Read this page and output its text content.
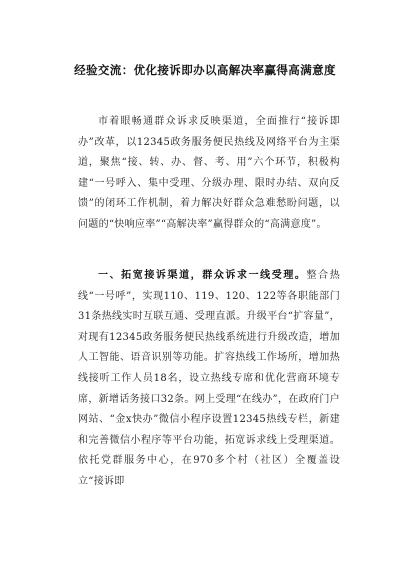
经验交流：优化接诉即办以高解决率赢得高满意度

市着眼畅通群众诉求反映渠道，全面推行“接诉即办”改革，以12345政务服务便民热线及网络平台为主渠道，聚焦“接、转、办、督、考、用”六个环节，积极构建“一号呼入、集中受理、分级办理、限时办结、双向反馈”的闭环工作机制，着力解决好群众急难愁盼问题，以问题的“快响应率”“高解决率”赢得群众的“高满意度”。

一、拓宽接诉渠道，群众诉求一线受理。整合热线“一号呼”，实现110、119、120、122等各职能部门31条热线实时互联互通、受理直派。升级平台“扩容量”，对现有12345政务服务便民热线系统进行升级改造，增加人工智能、语音识别等功能。扩容热线工作场所，增加热线接听工作人员18名，设立热线专席和优化营商环境专席，新增话务接口32条。网上受理“在线办”，在政府门户网站、“金x快办”微信小程序设置12345热线专栏，新建和完善微信小程序等平台功能，拓宽诉求线上受理渠道。依托党群服务中心，在970多个村（社区）全覆盖设立“接诉即
